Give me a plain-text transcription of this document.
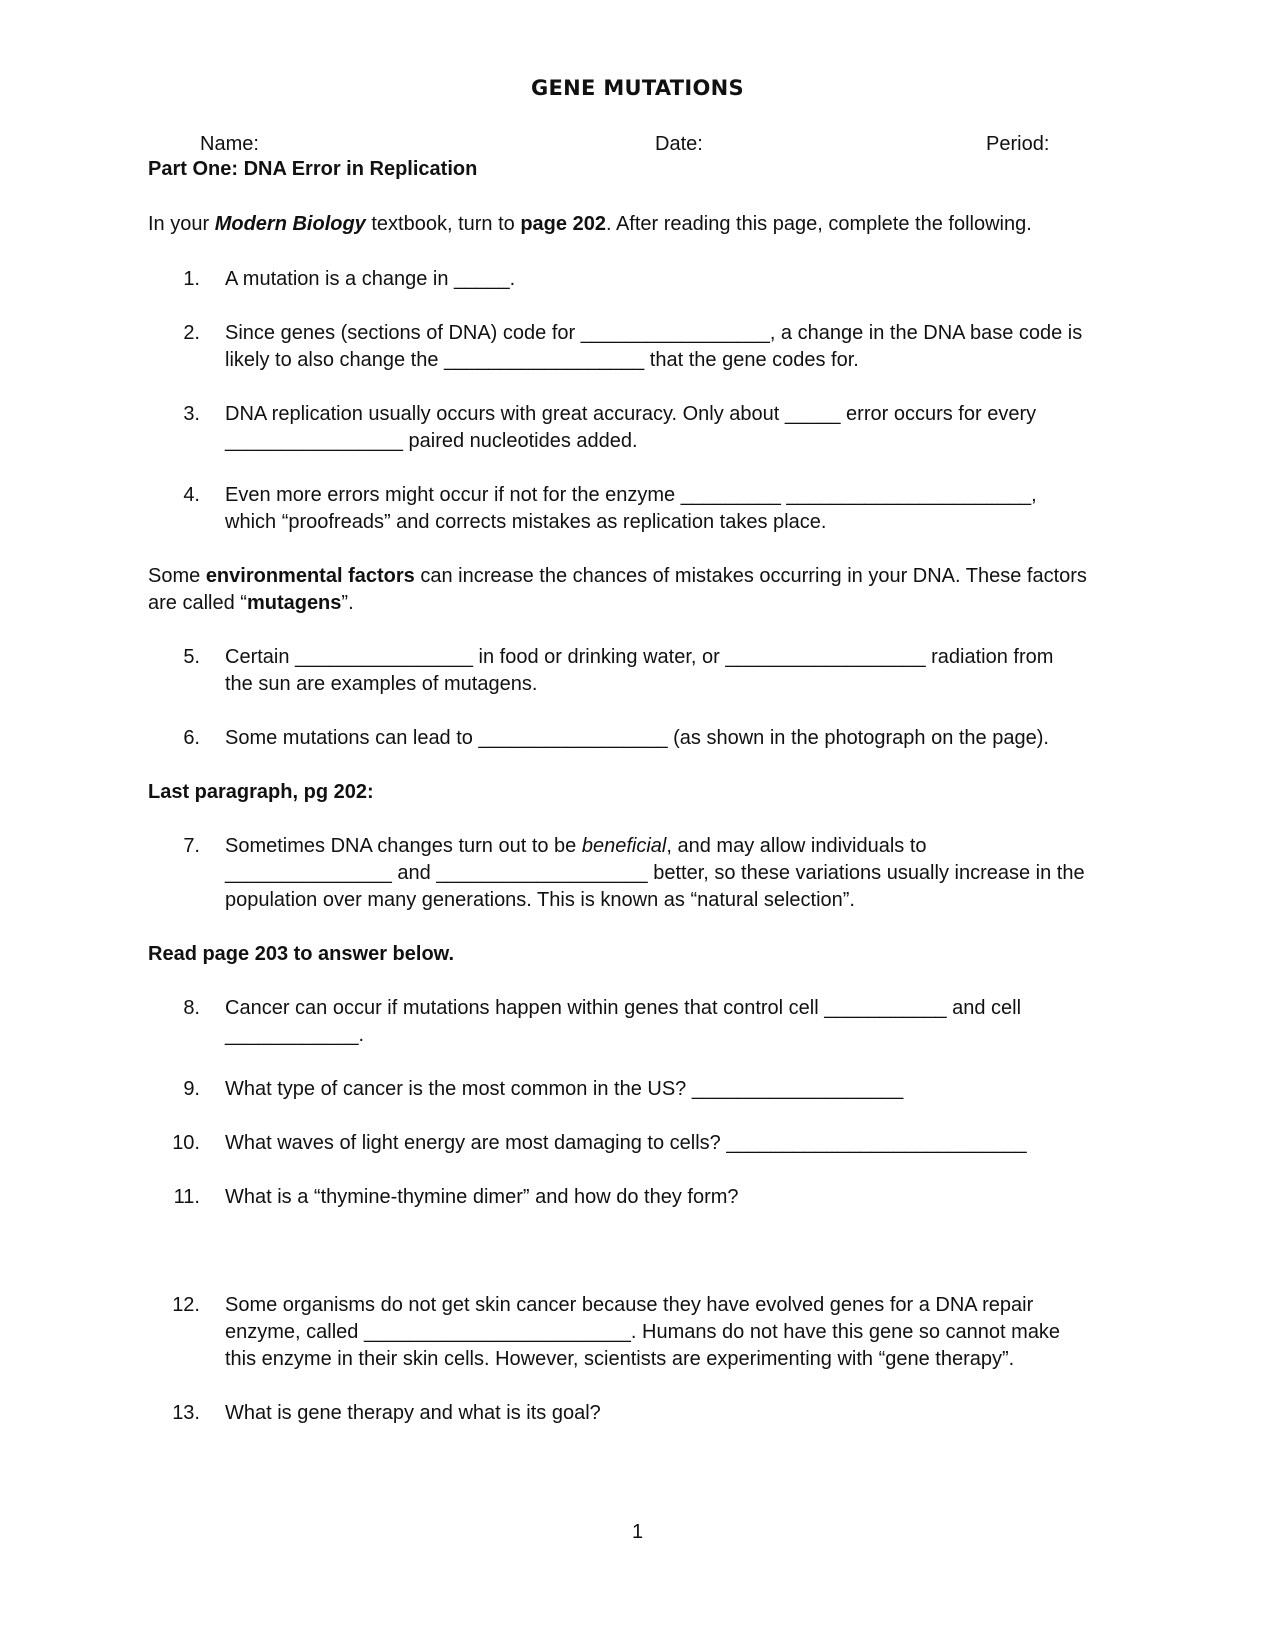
GENE MUTATIONS
Name:	Date:	Period:
Part One: DNA Error in Replication
In your Modern Biology textbook, turn to page 202. After reading this page, complete the following.
1. A mutation is a change in _____.
2. Since genes (sections of DNA) code for _________________, a change in the DNA base code is
likely to also change the __________________ that the gene codes for.
3. DNA replication usually occurs with great accuracy. Only about _____ error occurs for every
________________ paired nucleotides added.
4. Even more errors might occur if not for the enzyme _________ ______________________,
which “proofreads” and corrects mistakes as replication takes place.
Some environmental factors can increase the chances of mistakes occurring in your DNA. These factors
are called “mutagens”.
5. Certain ________________ in food or drinking water, or __________________ radiation from
the sun are examples of mutagens.
6. Some mutations can lead to _________________ (as shown in the photograph on the page).
Last paragraph, pg 202:
7. Sometimes DNA changes turn out to be beneficial, and may allow individuals to
_______________ and ___________________ better, so these variations usually increase in the
population over many generations. This is known as “natural selection”.
Read page 203 to answer below.
8. Cancer can occur if mutations happen within genes that control cell ___________ and cell
____________.
9. What type of cancer is the most common in the US? ___________________
10. What waves of light energy are most damaging to cells? ___________________________
11. What is a “thymine-thymine dimer” and how do they form?
12. Some organisms do not get skin cancer because they have evolved genes for a DNA repair
enzyme, called ________________________. Humans do not have this gene so cannot make
this enzyme in their skin cells. However, scientists are experimenting with “gene therapy”.
13. What is gene therapy and what is its goal?
1
